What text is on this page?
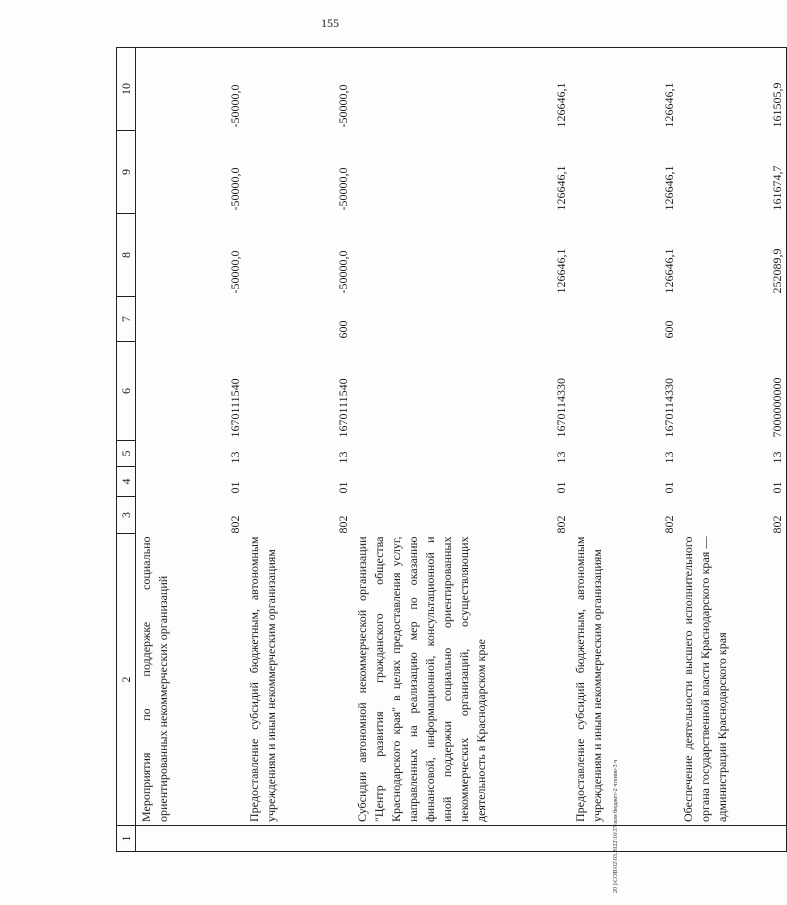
155
1	2	3	4	5	6	7	8	9	10
	Мероприятия по поддержке социально ориентированных некоммерческих организаций	802	01	13	1670111540		-50000,0	-50000,0	-50000,0
	Предоставление субсидий бюджетным, автономным учреждениям и иным некоммерческим организациям	802	01	13	1670111540	600	-50000,0	-50000,0	-50000,0
	Субсидии автономной некоммерческой организации "Центр развития гражданского общества Краснодарского края" в целях предоставления услуг, направленных на реализацию мер по оказанию финансовой, информационной, консультационной и иной поддержки социально ориентированных некоммерческих организаций, осуществляющих деятельность в Краснодарском крае	802	01	13	1670114330		126646,1	126646,1	126646,1
	Предоставление субсидий бюджетным, автономным учреждениям и иным некоммерческим организациям	802	01	13	1670114330	600	126646,1	126646,1	126646,1
	Обеспечение деятельности высшего исполнительного органа государственной власти Краснодарского края — администрации Краснодарского края	802	01	13	7000000000		252089,9	161674,7	161505,9
20 )\СОВ\02\03.2022\16\37\изм бюджет-2 чтение-3 ч
